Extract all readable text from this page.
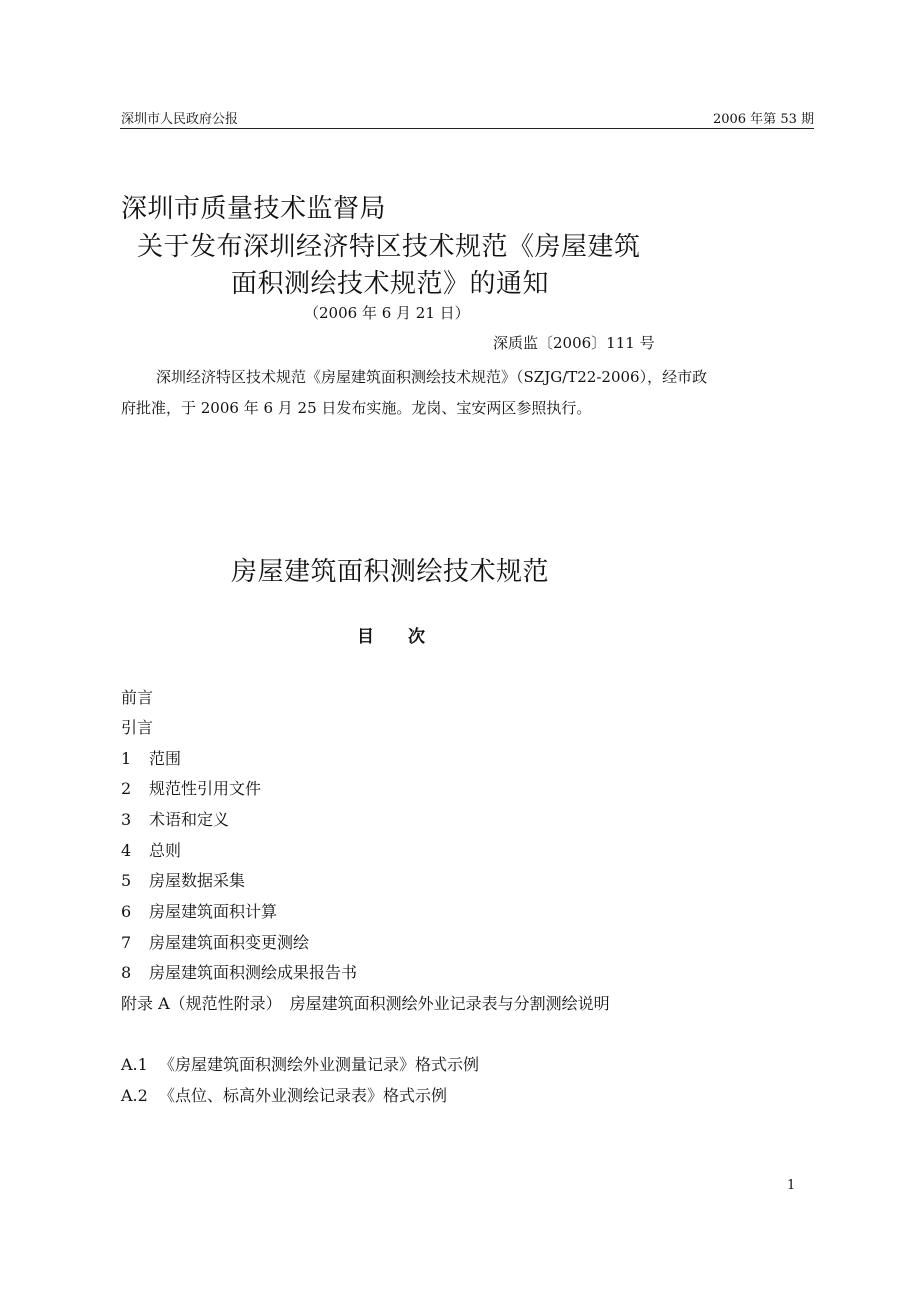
深圳市人民政府公报	2006 年第 53 期
深圳市质量技术监督局
关于发布深圳经济特区技术规范《房屋建筑
面积测绘技术规范》的通知
（2006 年 6 月 21 日）
深质监〔2006〕111 号
深圳经济特区技术规范《房屋建筑面积测绘技术规范》（SZJG/T22-2006），经市政
府批准，于 2006 年 6 月 25 日发布实施。龙岗、宝安两区参照执行。
房屋建筑面积测绘技术规范
目　　次
前言
引言
1 范围
2 规范性引用文件
3 术语和定义
4 总则
5 房屋数据采集
6 房屋建筑面积计算
7 房屋建筑面积变更测绘
8 房屋建筑面积测绘成果报告书
附录 A（规范性附录）　房屋建筑面积测绘外业记录表与分割测绘说明
A.1 《房屋建筑面积测绘外业测量记录》格式示例
A.2 《点位、标高外业测绘记录表》格式示例
1
